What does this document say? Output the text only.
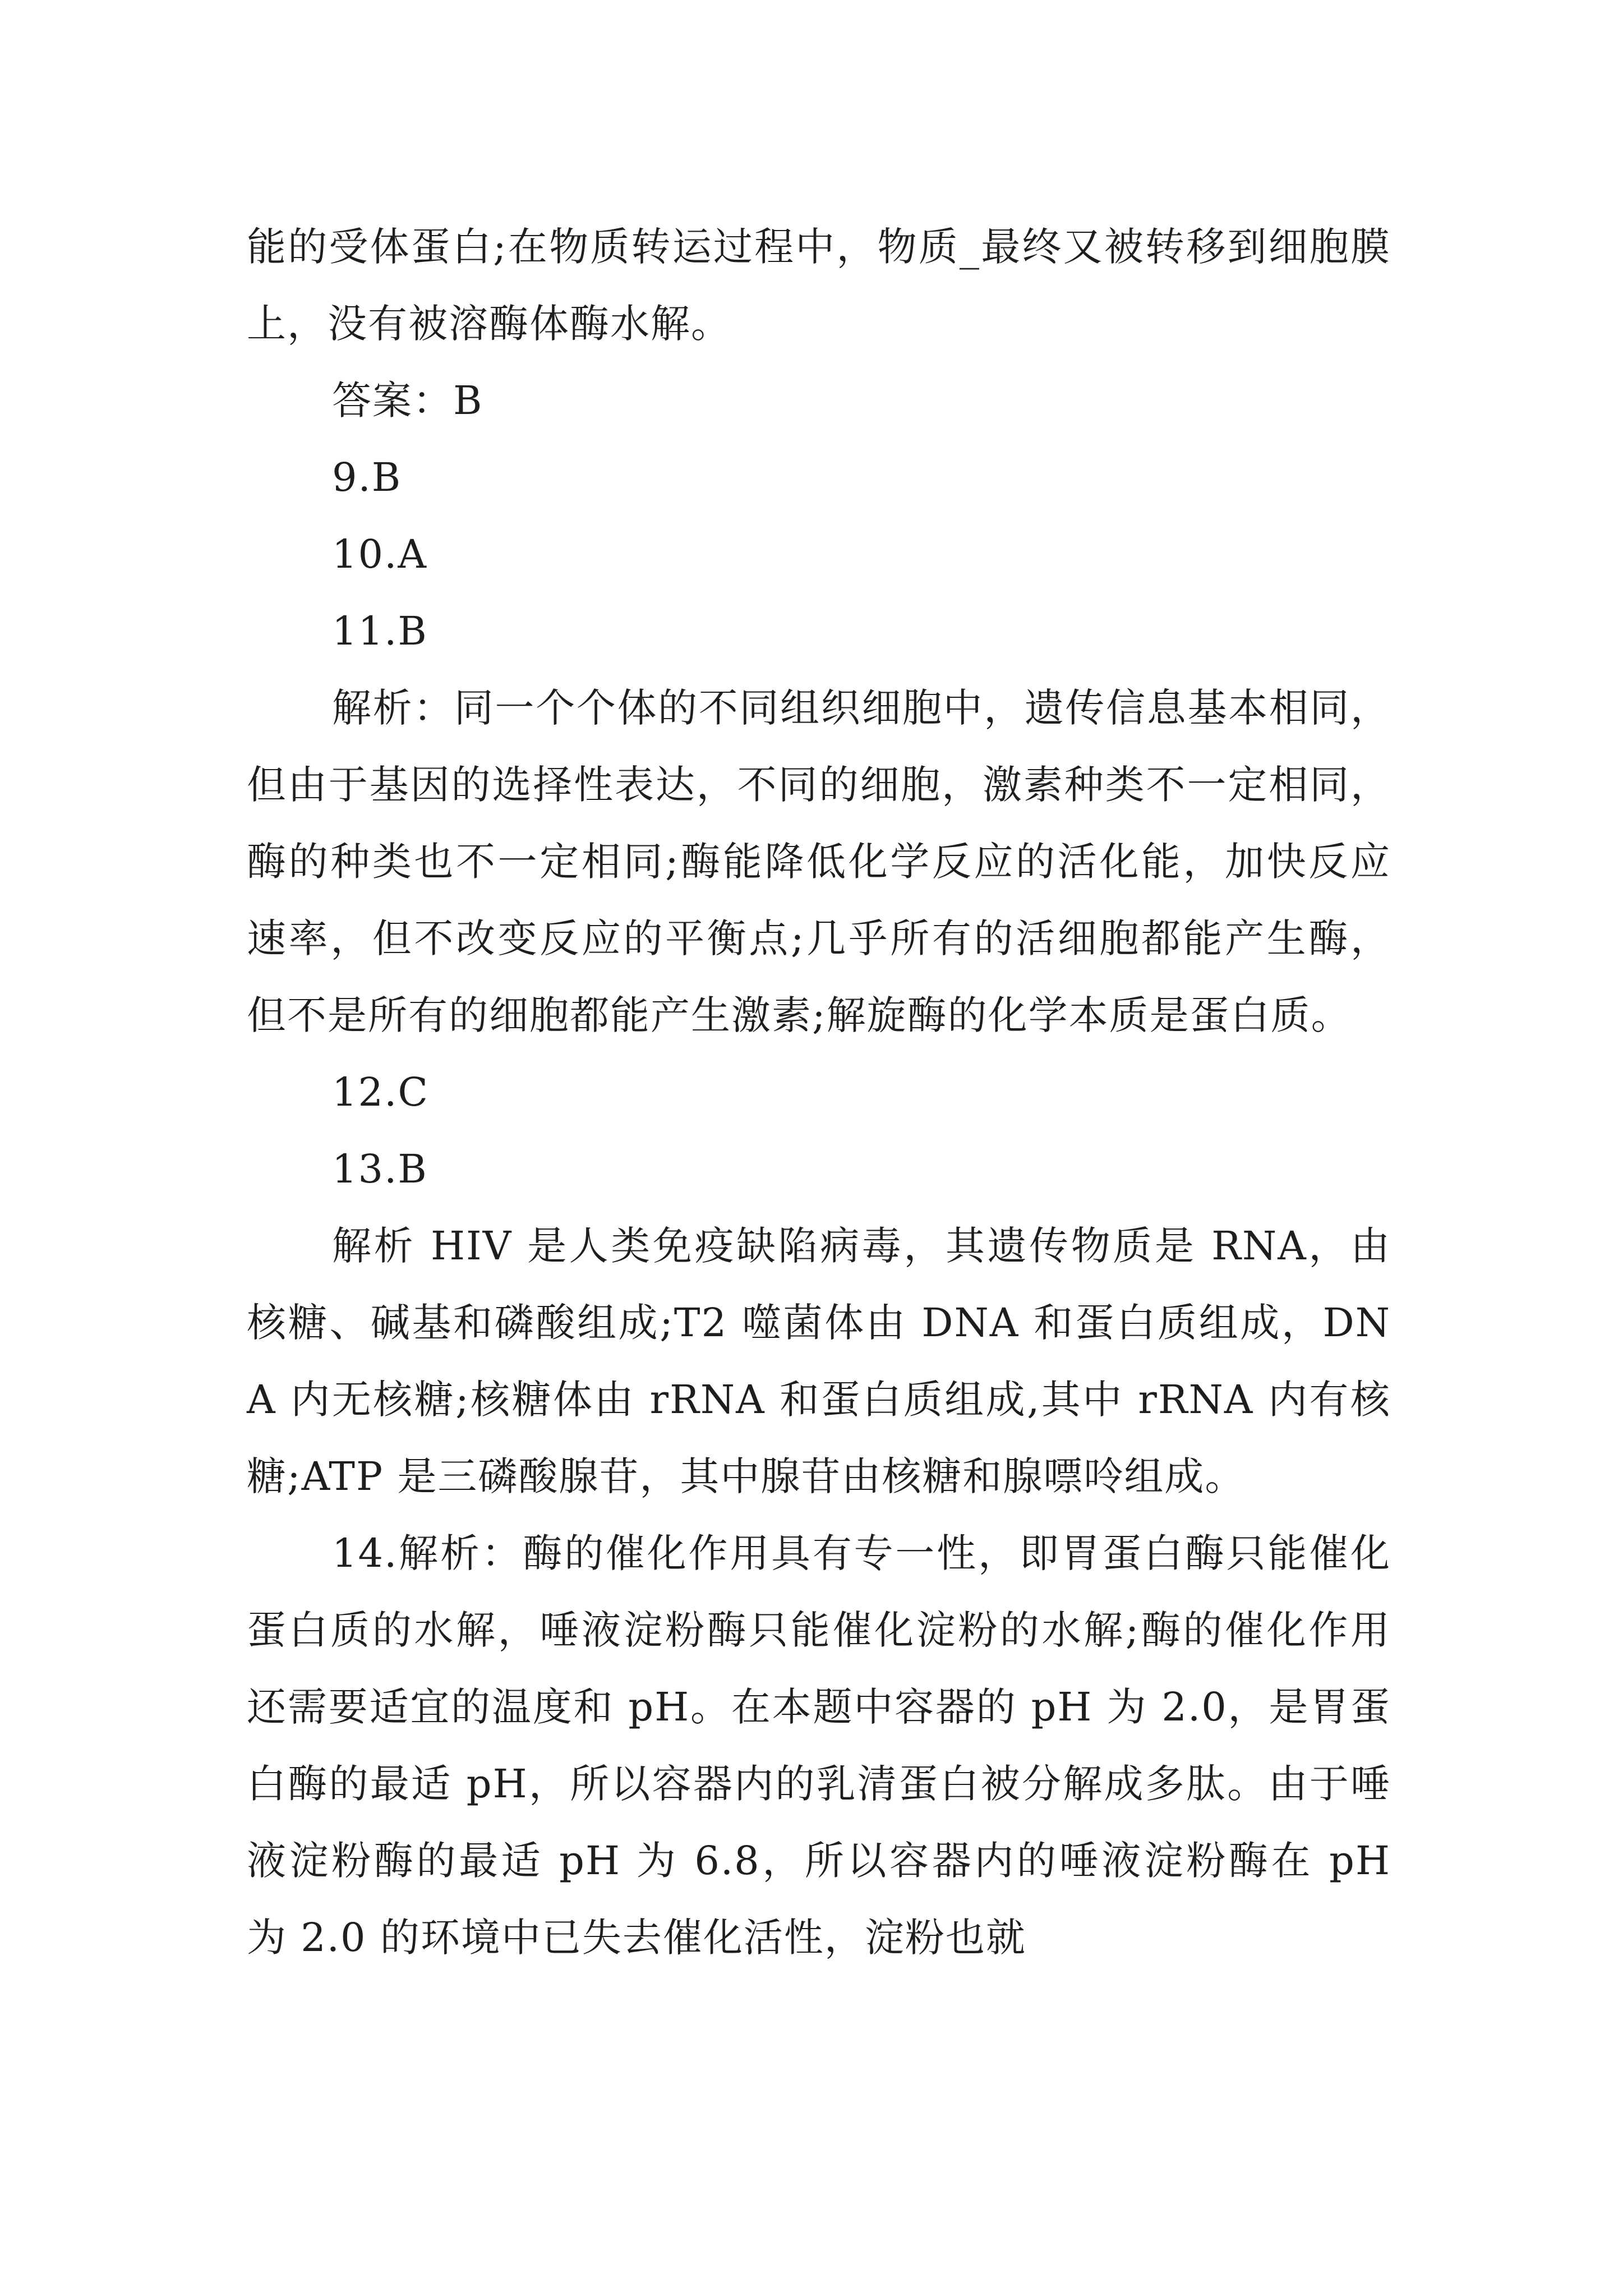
能的受体蛋白;在物质转运过程中，物质_最终又被转移到细胞膜上，没有被溶酶体酶水解。

答案：B

9.B

10.A

11.B

解析：同一个个体的不同组织细胞中，遗传信息基本相同，但由于基因的选择性表达，不同的细胞，激素种类不一定相同，酶的种类也不一定相同;酶能降低化学反应的活化能，加快反应速率，但不改变反应的平衡点;几乎所有的活细胞都能产生酶，但不是所有的细胞都能产生激素;解旋酶的化学本质是蛋白质。

12.C

13.B

解析 HIV 是人类免疫缺陷病毒，其遗传物质是 RNA，由核糖、碱基和磷酸组成;T2 噬菌体由 DNA 和蛋白质组成，DNA 内无核糖;核糖体由 rRNA 和蛋白质组成,其中 rRNA 内有核糖;ATP 是三磷酸腺苷，其中腺苷由核糖和腺嘌呤组成。

14.解析：酶的催化作用具有专一性，即胃蛋白酶只能催化蛋白质的水解，唾液淀粉酶只能催化淀粉的水解;酶的催化作用还需要适宜的温度和 pH。在本题中容器的 pH 为 2.0，是胃蛋白酶的最适 pH，所以容器内的乳清蛋白被分解成多肽。由于唾液淀粉酶的最适 pH 为 6.8，所以容器内的唾液淀粉酶在 pH 为 2.0 的环境中已失去催化活性，淀粉也就
